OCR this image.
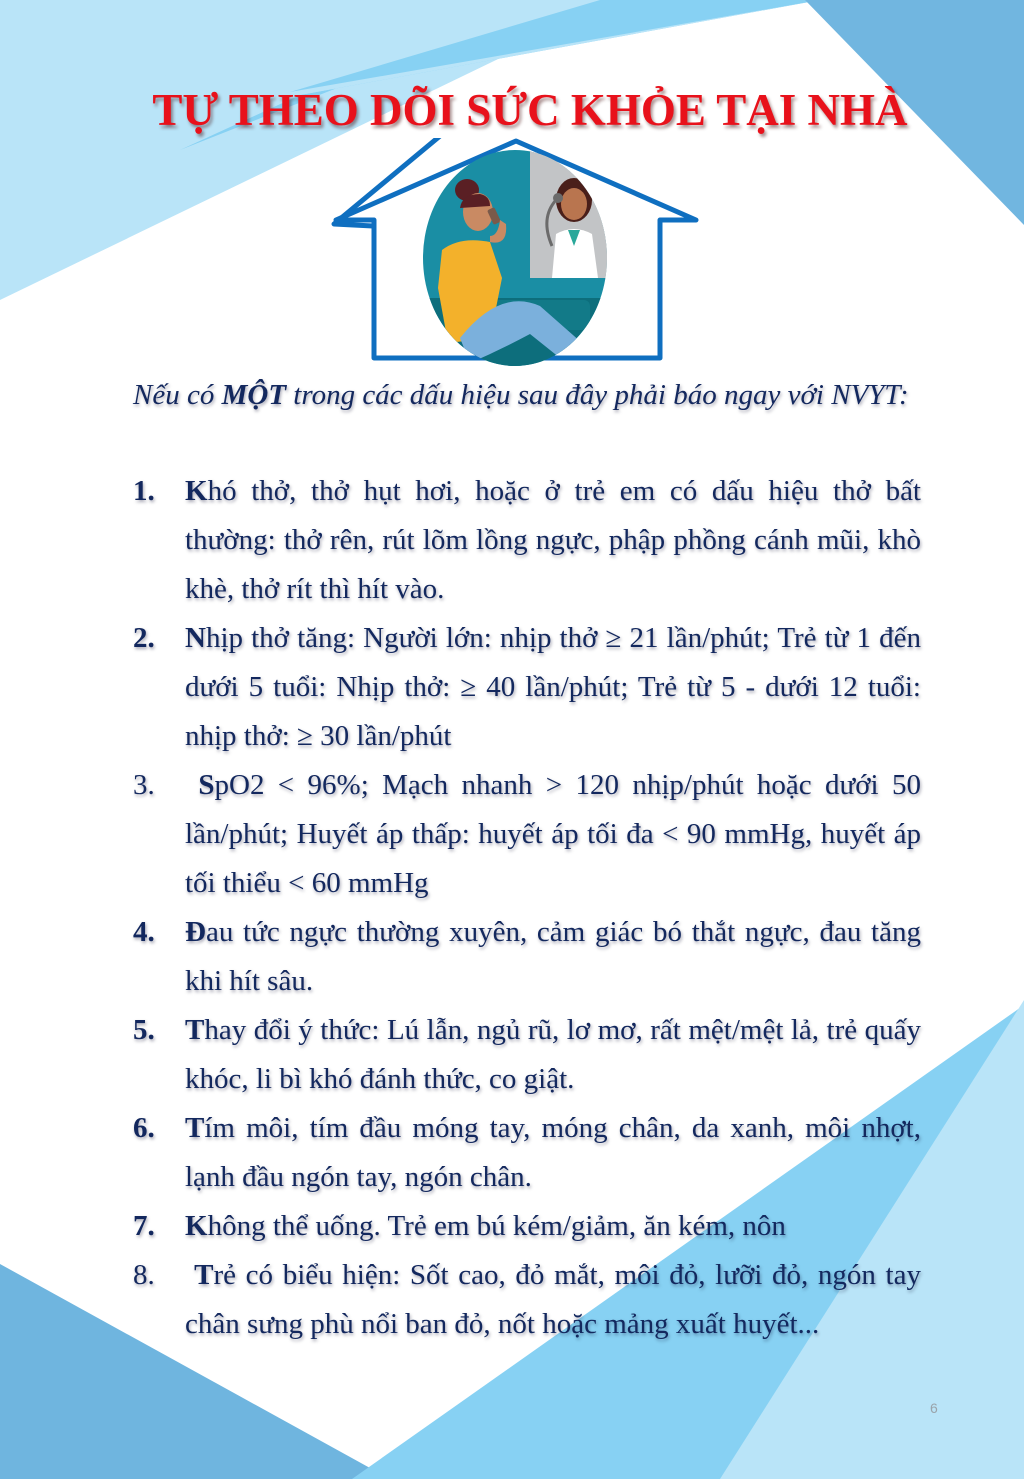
TỰ THEO DÕI SỨC KHỎE TẠI NHÀ
Nếu có MỘT trong các dấu hiệu sau đây phải báo ngay với NVYT:
1.	Khó thở, thở hụt hơi, hoặc ở trẻ em có dấu hiệu thở bất thường: thở rên, rút lõm lồng ngực, phập phồng cánh mũi, khò khè, thở rít thì hít vào.
2.	Nhịp thở tăng: Người lớn: nhịp thở ≥ 21 lần/phút; Trẻ từ 1 đến dưới 5 tuổi: Nhịp thở: ≥ 40 lần/phút; Trẻ từ 5 - dưới 12 tuổi: nhịp thở: ≥ 30 lần/phút
3.	SpO2 < 96%; Mạch nhanh > 120 nhịp/phút hoặc dưới 50 lần/phút; Huyết áp thấp: huyết áp tối đa < 90 mmHg, huyết áp tối thiểu < 60 mmHg
4.	Đau tức ngực thường xuyên, cảm giác bó thắt ngực, đau tăng khi hít sâu.
5.	Thay đổi ý thức: Lú lẫn, ngủ rũ, lơ mơ, rất mệt/mệt lả, trẻ quấy khóc, li bì khó đánh thức, co giật.
6.	Tím môi, tím đầu móng tay, móng chân, da xanh, môi nhợt, lạnh đầu ngón tay, ngón chân.
7.	Không thể uống. Trẻ em bú kém/giảm, ăn kém, nôn
8.	Trẻ có biểu hiện: Sốt cao, đỏ mắt, môi đỏ, lưỡi đỏ, ngón tay chân sưng phù nổi ban đỏ, nốt hoặc mảng xuất huyết...
6
